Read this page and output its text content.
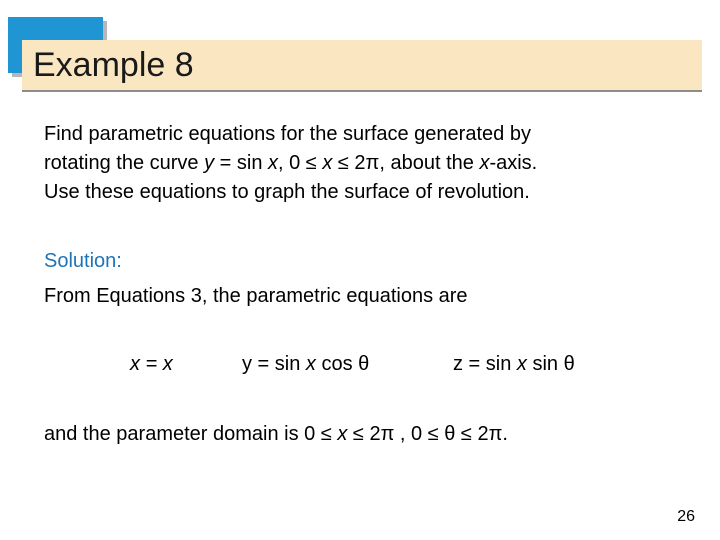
Example 8
Find parametric equations for the surface generated by
rotating the curve y = sin x, 0 ≤ x ≤ 2π, about the x-axis.
Use these equations to graph the surface of revolution.
Solution:
From Equations 3, the parametric equations are
x = x	y = sin x cos θ	z = sin x sin θ
and the parameter domain is 0 ≤ x ≤ 2π , 0 ≤ θ ≤ 2π.
26
